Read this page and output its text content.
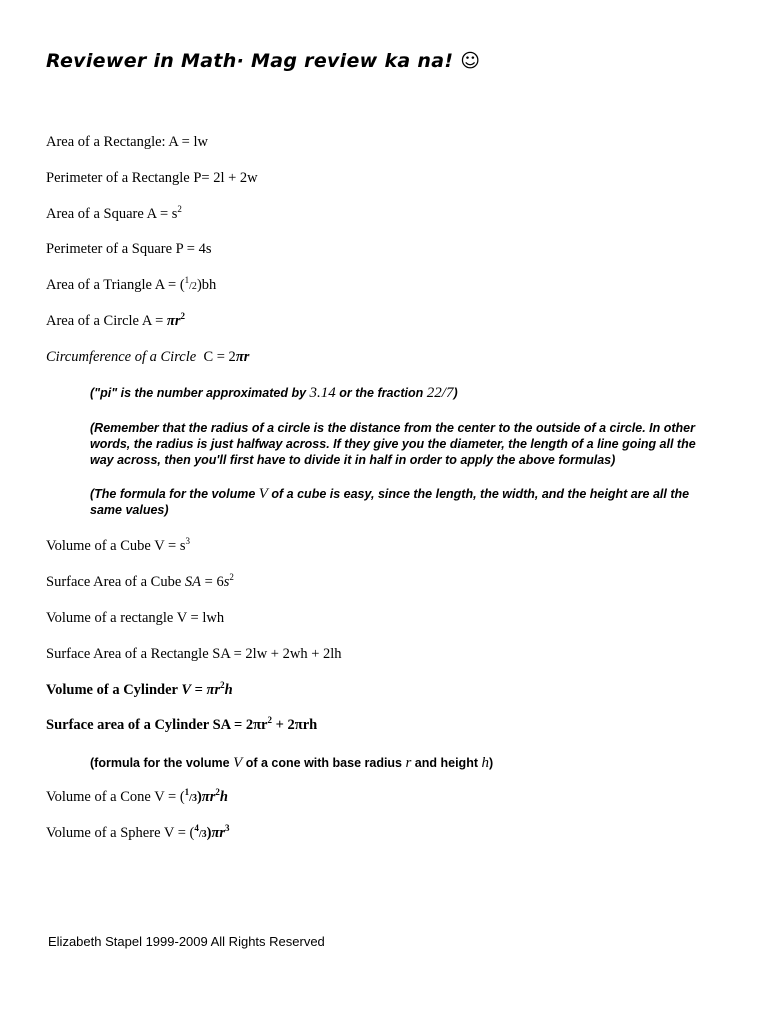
Reviewer in Math· Mag review ka na! ☺
Area of a Rectangle: A = lw
Perimeter of a Rectangle P= 2l + 2w
Area of a Square $A = s^2$
Perimeter of a Square P = 4s
Area of a Triangle A = ($^1$/2)bh
Area of a Circle $A = \pi r^2$
Circumference of a Circle C = 2πr
("pi" is the number approximated by 3.14 or the fraction 22/7)
(Remember that the radius of a circle is the distance from the center to the outside of a circle. In other words, the radius is just halfway across. If they give you the diameter, the length of a line going all the way across, then you'll first have to divide it in half in order to apply the above formulas)
(The formula for the volume V of a cube is easy, since the length, the width, and the height are all the same values)
Volume of a Cube $V = s^3$
Surface Area of a Cube SA = $6s^2$
Volume of a rectangle V = lwh
Surface Area of a Rectangle SA = 2lw + 2wh + 2lh
Volume of a Cylinder $V = \pi r^2h$
Surface area of a Cylinder SA = $2\pi r^2 + 2\pi rh$
(formula for the volume V of a cone with base radius r and height h)
Volume of a Cone $V = (^1/3)\pi r^2h$
Volume of a Sphere $V = (^4/3)\pi r^3$
Elizabeth Stapel 1999-2009 All Rights Reserved
